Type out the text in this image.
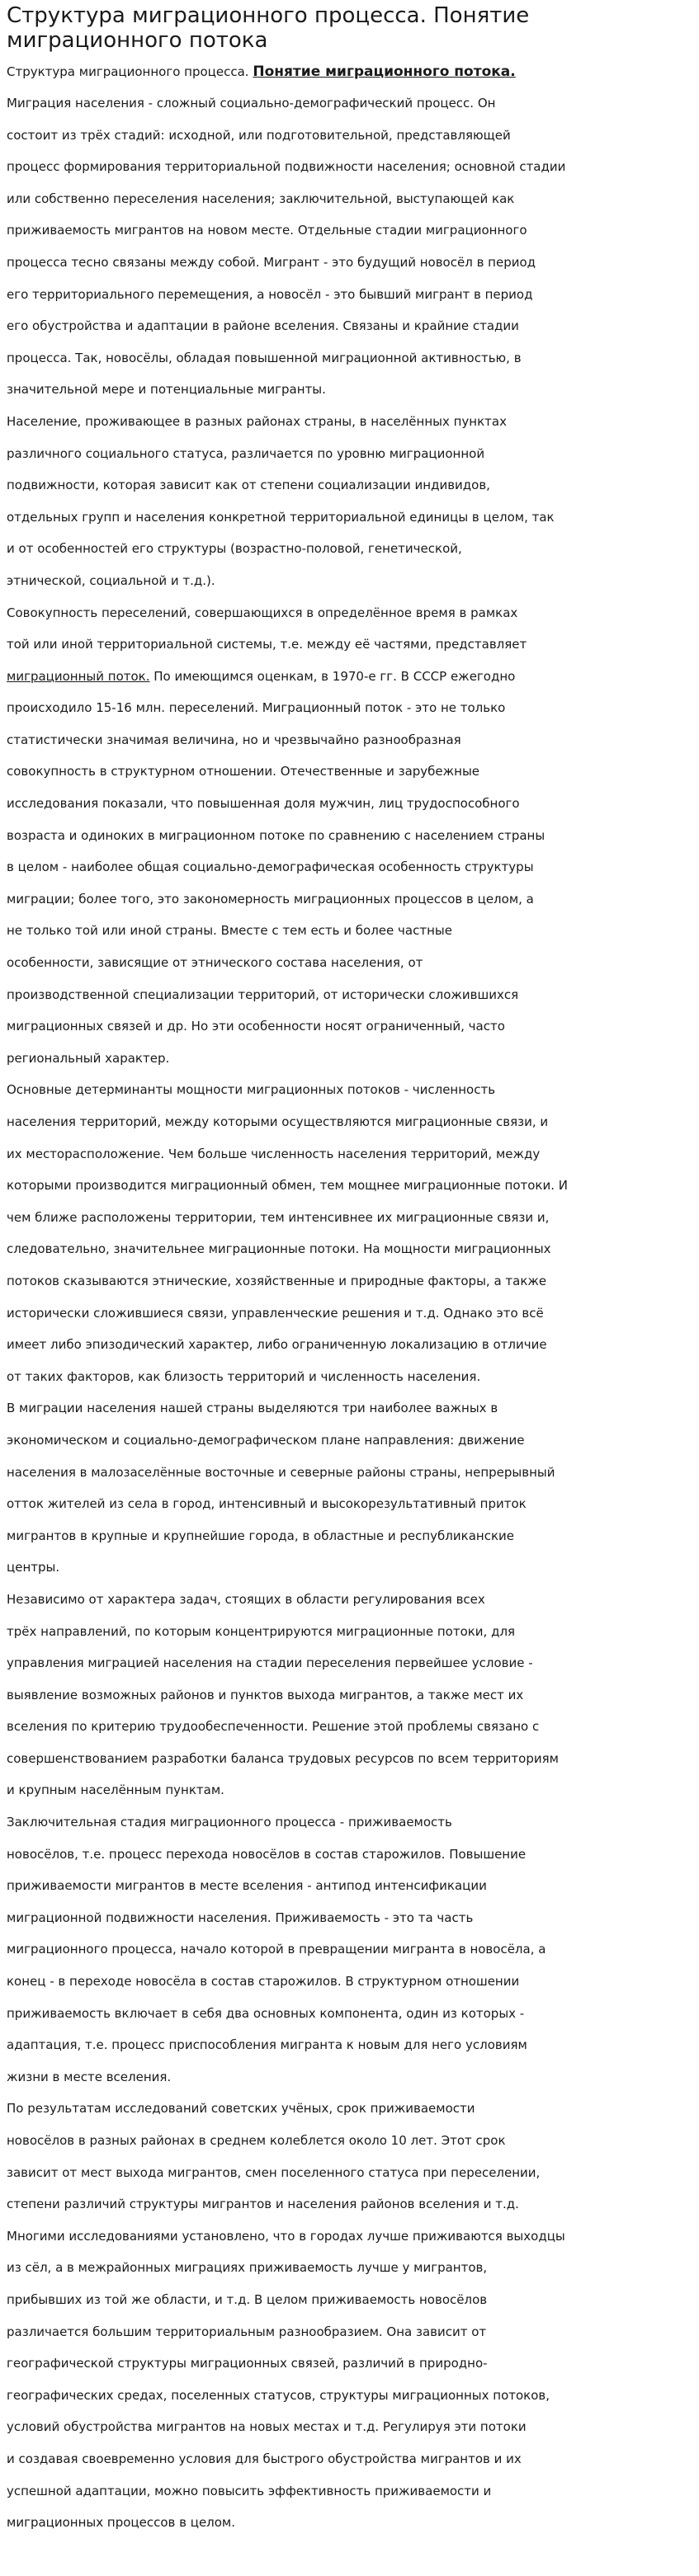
Структура миграционного процесса. Понятие миграционного потока
Структура миграционного процесса. Понятие миграционного потока.

Миграция населения - сложный социально-демографический процесс. Он
состоит из трёх стадий: исходной, или подготовительной, представляющей
процесс формирования территориальной подвижности населения; основной стадии
или собственно переселения населения; заключительной, выступающей как
приживаемость мигрантов на новом месте. Отдельные стадии миграционного
процесса тесно связаны между собой. Мигрант - это будущий новосёл в период
его территориального перемещения, а новосёл - это бывший мигрант в период
его обустройства и адаптации в районе вселения. Связаны и крайние стадии
процесса. Так, новосёлы, обладая повышенной миграционной активностью, в
значительной мере и потенциальные мигранты.

Население, проживающее в разных районах страны, в населённых пунктах
различного социального статуса, различается по уровню миграционной
подвижности, которая зависит как от степени социализации индивидов,
отдельных групп и населения конкретной территориальной единицы в целом, так
и от особенностей его структуры (возрастно-половой, генетической,
этнической, социальной и т.д.).

Совокупность переселений, совершающихся в определённое время в рамках
той или иной территориальной системы, т.е. между её частями, представляет
миграционный поток. По имеющимся оценкам, в 1970-е гг. В СССР ежегодно
происходило 15-16 млн. переселений. Миграционный поток - это не только
статистически значимая величина, но и чрезвычайно разнообразная
совокупность в структурном отношении. Отечественные и зарубежные
исследования показали, что повышенная доля мужчин, лиц трудоспособного
возраста и одиноких в миграционном потоке по сравнению с населением страны
в целом - наиболее общая социально-демографическая особенность структуры
миграции; более того, это закономерность миграционных процессов в целом, а
не только той или иной страны. Вместе с тем есть и более частные
особенности, зависящие от этнического состава населения, от
производственной специализации территорий, от исторически сложившихся
миграционных связей и др. Но эти особенности носят ограниченный, часто
региональный характер.

Основные детерминанты мощности миграционных потоков - численность
населения территорий, между которыми осуществляются миграционные связи, и
их месторасположение. Чем больше численность населения территорий, между
которыми производится миграционный обмен, тем мощнее миграционные потоки. И
чем ближе расположены территории, тем интенсивнее их миграционные связи и,
следовательно, значительнее миграционные потоки. На мощности миграционных
потоков сказываются этнические, хозяйственные и природные факторы, а также
исторически сложившиеся связи, управленческие решения и т.д. Однако это всё
имеет либо эпизодический характер, либо ограниченную локализацию в отличие
от таких факторов, как близость территорий и численность населения.

В миграции населения нашей страны выделяются три наиболее важных в
экономическом и социально-демографическом плане направления: движение
населения в малозаселённые восточные и северные районы страны, непрерывный
отток жителей из села в город, интенсивный и высокорезультативный приток
мигрантов в крупные и крупнейшие города, в областные и республиканские
центры.

Независимо от характера задач, стоящих в области регулирования всех
трёх направлений, по которым концентрируются миграционные потоки, для
управления миграцией населения на стадии переселения первейшее условие -
выявление возможных районов и пунктов выхода мигрантов, а также мест их
вселения по критерию трудообеспеченности. Решение этой проблемы связано с
совершенствованием разработки баланса трудовых ресурсов по всем территориям
и крупным населённым пунктам.

Заключительная стадия миграционного процесса - приживаемость
новосёлов, т.е. процесс перехода новосёлов в состав старожилов. Повышение
приживаемости мигрантов в месте вселения - антипод интенсификации
миграционной подвижности населения. Приживаемость - это та часть
миграционного процесса, начало которой в превращении мигранта в новосёла, а
конец - в переходе новосёла в состав старожилов. В структурном отношении
приживаемость включает в себя два основных компонента, один из которых -
адаптация, т.е. процесс приспособления мигранта к новым для него условиям
жизни в месте вселения.

По результатам исследований советских учёных, срок приживаемости
новосёлов в разных районах в среднем колеблется около 10 лет. Этот срок
зависит от мест выхода мигрантов, смен поселенного статуса при переселении,
степени различий структуры мигрантов и населения районов вселения и т.д.
Многими исследованиями установлено, что в городах лучше приживаются выходцы
из сёл, а в межрайонных миграциях приживаемость лучше у мигрантов,
прибывших из той же области, и т.д. В целом приживаемость новосёлов
различается большим территориальным разнообразием. Она зависит от
географической структуры миграционных связей, различий в природно-
географических средах, поселенных статусов, структуры миграционных потоков,
условий обустройства мигрантов на новых местах и т.д. Регулируя эти потоки
и создавая своевременно условия для быстрого обустройства мигрантов и их
успешной адаптации, можно повысить эффективность приживаемости и
миграционных процессов в целом.
